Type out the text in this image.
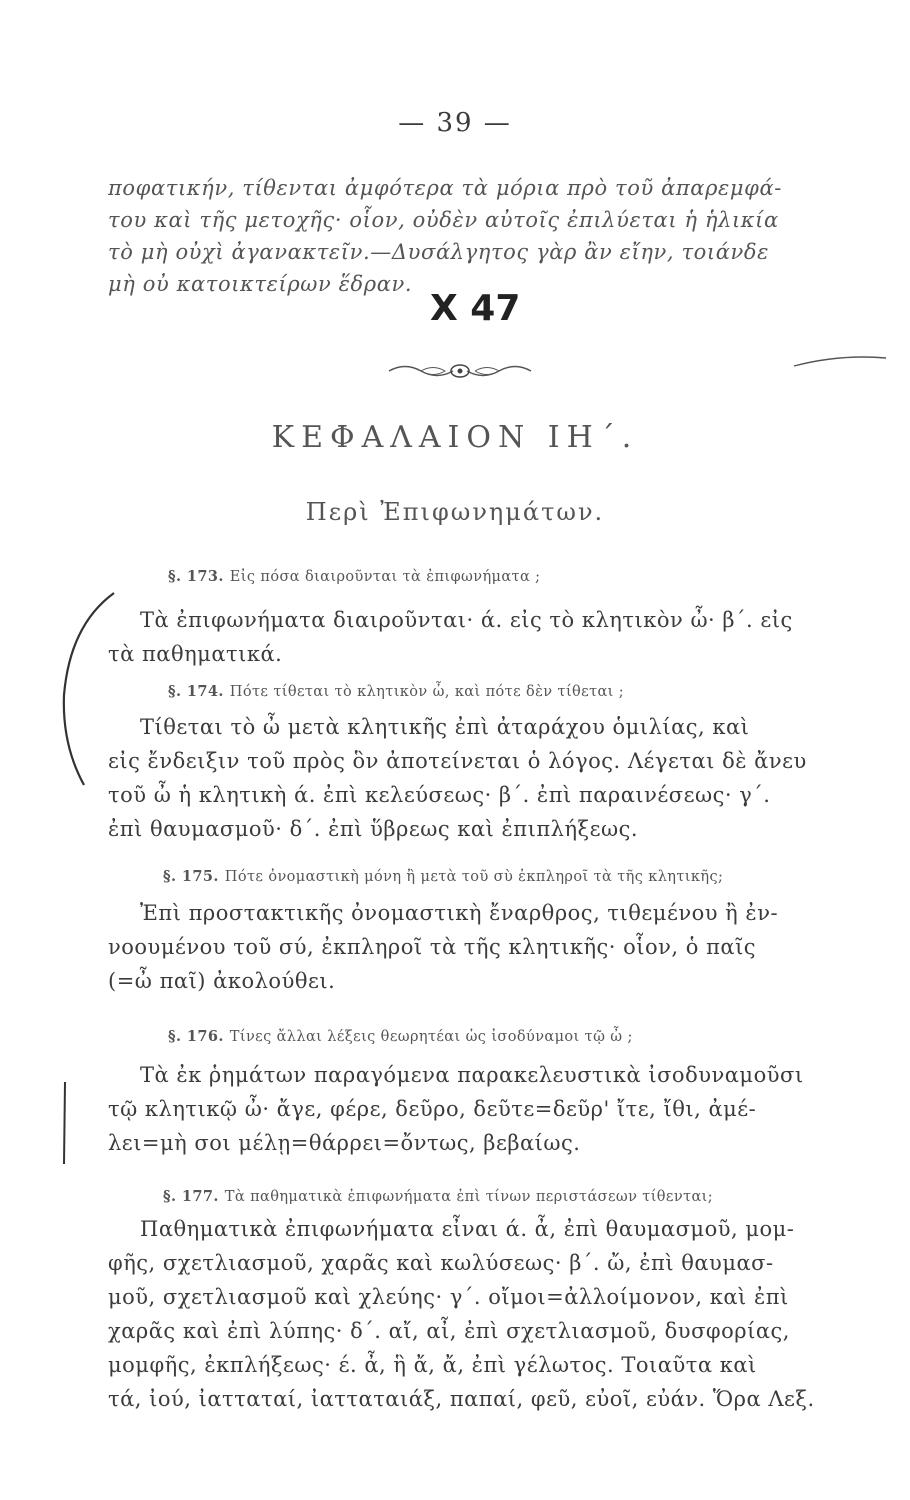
— 39 —
ποφατικήν, τίθενται ἀμφότερα τὰ μόρια πρὸ τοῦ ἀπαρεμφά-
του καὶ τῆς μετοχῆς· οἷον, οὐδὲν αὐτοῖς ἐπιλύεται ἡ ἡλικία
τὸ μὴ οὐχὶ ἀγανακτεῖν.—Δυσάλγητος γὰρ ἂν εἴην, τοιάνδε
μὴ οὐ κατοικτείρων ἕδραν.
X 47
ΚΕΦΑΛΑΙΟΝ ΙΗ΄.
Περὶ Ἐπιφωνημάτων.
§. 173. Εἰς πόσα διαιροῦνται τὰ ἐπιφωνήματα ;
Τὰ ἐπιφωνήματα διαιροῦνται· ά. εἰς τὸ κλητικὸν ὦ· β΄. εἰς
τὰ παθηματικά.
§. 174. Πότε τίθεται τὸ κλητικὸν ὦ, καὶ πότε δὲν τίθεται ;
Τίθεται τὸ ὦ μετὰ κλητικῆς ἐπὶ ἀταράχου ὁμιλίας, καὶ
εἰς ἔνδειξιν τοῦ πρὸς ὃν ἀποτείνεται ὁ λόγος. Λέγεται δὲ ἄνευ
τοῦ ὦ ἡ κλητικὴ ά. ἐπὶ κελεύσεως· β΄. ἐπὶ παραινέσεως· γ΄.
ἐπὶ θαυμασμοῦ· δ΄. ἐπὶ ὕβρεως καὶ ἐπιπλήξεως.
§. 175. Πότε ὀνομαστικὴ μόνη ἢ μετὰ τοῦ σὺ ἐκπληροῖ τὰ τῆς κλητικῆς;
Ἐπὶ προστακτικῆς ὀνομαστικὴ ἔναρθρος, τιθεμένου ἢ ἐν-
νοουμένου τοῦ σύ, ἐκπληροῖ τὰ τῆς κλητικῆς· οἷον, ὁ παῖς
(=ὦ παῖ) ἀκολούθει.
§. 176. Τίνες ἄλλαι λέξεις θεωρητέαι ὡς ἰσοδύναμοι τῷ ὦ ;
Τὰ ἐκ ῥημάτων παραγόμενα παρακελευστικὰ ἰσοδυναμοῦσι
τῷ κλητικῷ ὦ· ἄγε, φέρε, δεῦρο, δεῦτε=δεῦρ' ἴτε, ἴθι, ἀμέ-
λει=μὴ σοι μέλῃ=θάρρει=ὄντως, βεβαίως.
§. 177. Τὰ παθηματικὰ ἐπιφωνήματα ἐπὶ τίνων περιστάσεων τίθενται;
Παθηματικὰ ἐπιφωνήματα εἶναι ά. ἆ, ἐπὶ θαυμασμοῦ, μομ-
φῆς, σχετλιασμοῦ, χαρᾶς καὶ κωλύσεως· β΄. ὤ, ἐπὶ θαυμασ-
μοῦ, σχετλιασμοῦ καὶ χλεύης· γ΄. οἴμοι=ἀλλοίμονον, καὶ ἐπὶ
χαρᾶς καὶ ἐπὶ λύπης· δ΄. αἴ, αἶ, ἐπὶ σχετλιασμοῦ, δυσφορίας,
μομφῆς, ἐκπλήξεως· έ. ἆ, ἣ ἄ, ἄ, ἐπὶ γέλωτος. Τοιαῦτα καὶ
τά, ἰού, ἰατταταί, ἰατταταιάξ, παπαί, φεῦ, εὐοῖ, εὐάν. Ὅρα Λεξ.
